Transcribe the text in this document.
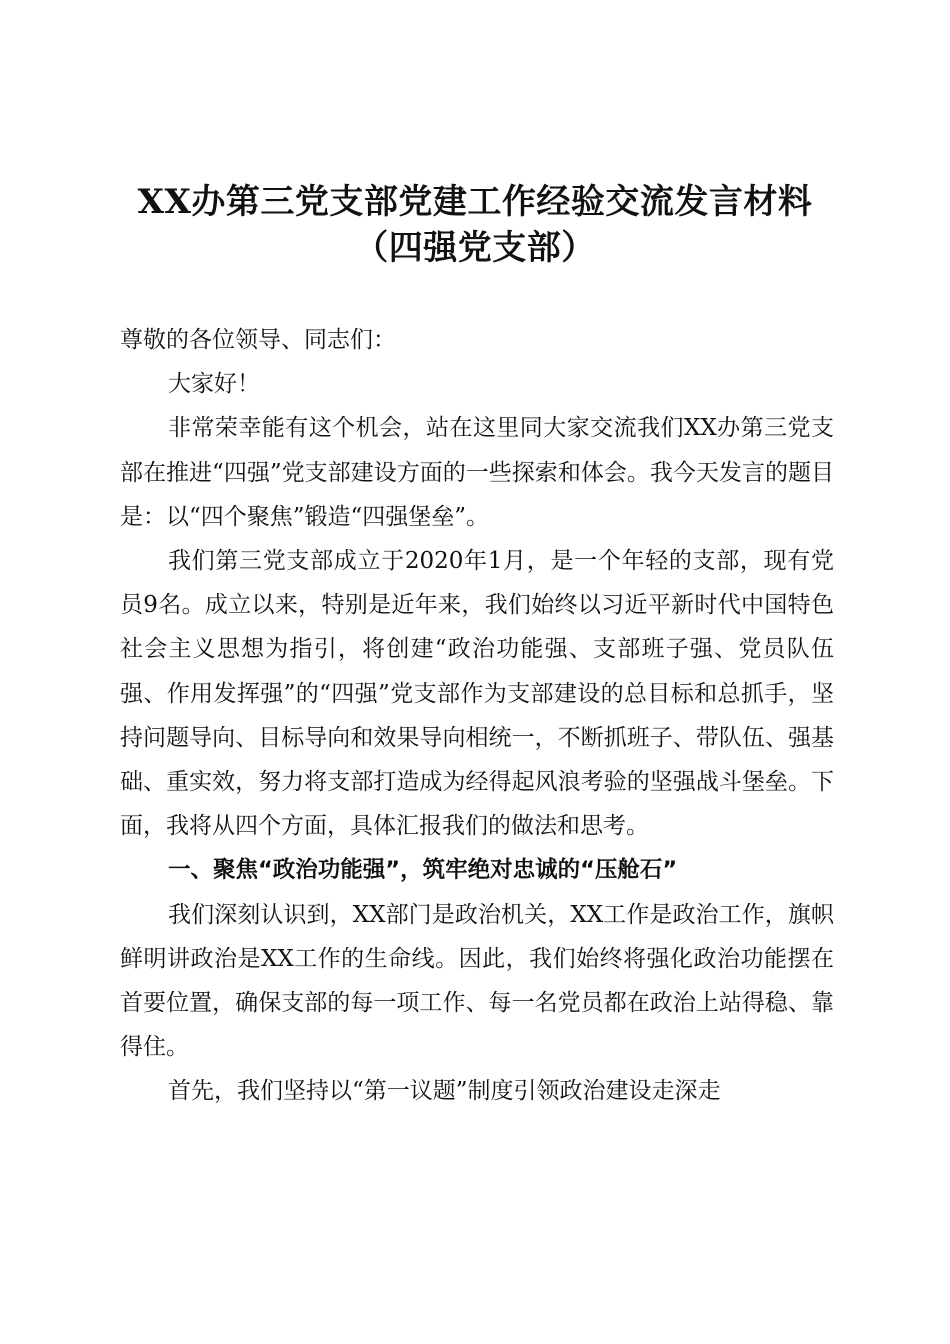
XX办第三党支部党建工作经验交流发言材料
（四强党支部）

尊敬的各位领导、同志们：

大家好！

非常荣幸能有这个机会，站在这里同大家交流我们XX办第三党支部在推进“四强”党支部建设方面的一些探索和体会。我今天发言的题目是：以“四个聚焦”锻造“四强堡垒”。

我们第三党支部成立于2020年1月，是一个年轻的支部，现有党员9名。成立以来，特别是近年来，我们始终以习近平新时代中国特色社会主义思想为指引，将创建“政治功能强、支部班子强、党员队伍强、作用发挥强”的“四强”党支部作为支部建设的总目标和总抓手，坚持问题导向、目标导向和效果导向相统一，不断抓班子、带队伍、强基础、重实效，努力将支部打造成为经得起风浪考验的坚强战斗堡垒。下面，我将从四个方面，具体汇报我们的做法和思考。

一、聚焦“政治功能强”，筑牢绝对忠诚的“压舱石”

我们深刻认识到，XX部门是政治机关，XX工作是政治工作，旗帜鲜明讲政治是XX工作的生命线。因此，我们始终将强化政治功能摆在首要位置，确保支部的每一项工作、每一名党员都在政治上站得稳、靠得住。

首先，我们坚持以“第一议题”制度引领政治建设走深走
